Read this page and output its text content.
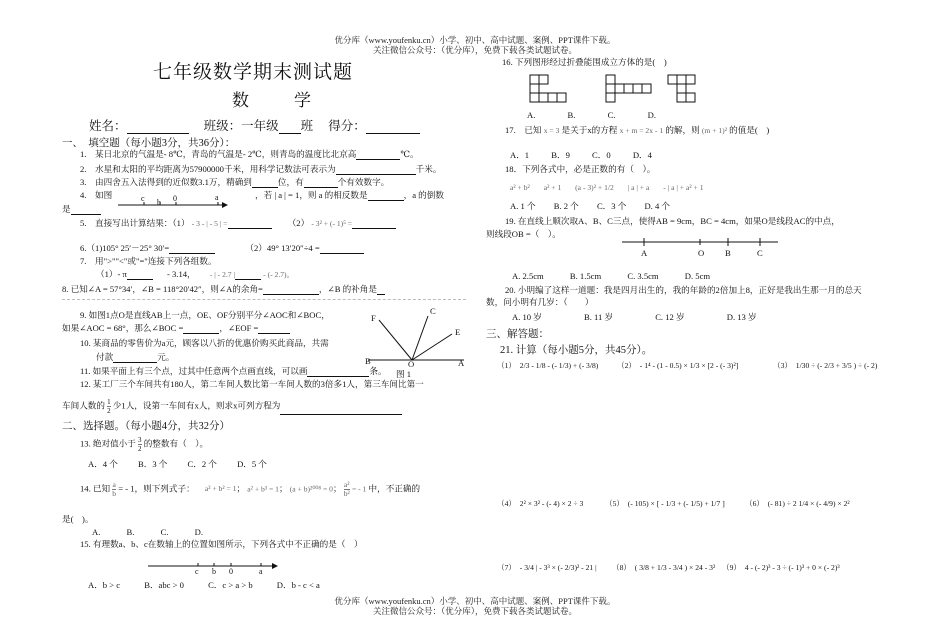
优分库（www.youfenku.cn）小学、初中、高中试题、案例、PPT课件下载。
关注微信公众号：（优分库），免费下载各类试题试卷。
七年级数学期末测试题
数　学
姓名：	班级：一年级 班 得分：
一、　填空题（每小题3分，共36分）：
1.　某日北京的气温是- 8℃，青岛的气温是- 2℃，则青岛的温度比北京高	℃。
2.　水星和太阳的平均距离为57900000千米，用科学记数法可表示为	千米。
3.　由四舍五入法得到的近似数3.1万，精确到	位，有	个有效数字。
4.　如图	c b 0	a	，若 | a | = 1，则 a 的相反数是	，a 的倒数
是
5.　直接写出计算结果：（1） - 3 - | - 5 | =	（2） - 3² + (- 1)⁵ =
6.（1)105° 25′－25° 30′=	（2）49° 13′20″÷4 =
7.　用">""<"或"="连接下列各组数。
（1）- π	- 3.14， - | - 2.7 |	- (- 2.7)。
8. 已知∠A = 57°34′，∠B = 118°20′42″，则∠A的余角=	，∠B 的补角是
9. 如图1点O是直线AB上一点，OE、OF分别平分∠AOC和∠BOC，
如果∠AOC = 68°，那么∠BOC =	，∠EOF =
F
C
E
B	O	A
图 1
10. 某商品的零售价为a元，顾客以八折的优惠价购买此商品，共需
付款	元。
11. 如果平面上有三个点，过其中任意两个点画直线，可以画	条。
12. 某工厂三个车间共有180人，第二车间人数比第一车间人数的3倍多1人，第三车间比第一
车间人数的 $\frac{1}{2}$ 少1人，设第一车间有x人，则求x可列方程为
二、选择题。（每小题4分，共32分）
13. 绝对值小于 $\frac{3}{2}$ 的整数有（　）。
A．4 个 B．3 个 C．2 个 D．5 个
14. 已知 $\frac{a}{b}$ = - 1，则下列式子： a² + b² = 1； a² + b³ = 1； (a + b)²⁰⁰⁸ = 0； $\frac{\text{a²}}{\text{b²}}$ = - 1 中，不正确的
是(　)。
A.	B.	C.	D.
15. 有理数a、b、c在数轴上的位置如图所示，下列各式中不正确的是（　）
c b 0	a
A．b > c	B．abc > 0	C．c > a > b	D．b - c < a
16. 下列图形经过折叠能围成立方体的是(　)
A.	B.	C.	D.
17.　已知 x = 3 是关于x的方程 x + m = 2x - 1 的解，则 (m + 1)² 的值是(　)
A．1	B．9	C．0	D．4
18．下列各式中，必是正数的有（　）。
a² + b² a² + 1 (a - 3)² + 1/2 | a | + a - | a | + a² + 1
A. 1 个 B. 2 个 C．3 个 D. 4 个
19. 在直线上顺次取A、B、C三点，使得AB = 9cm，BC = 4cm，如果O是线段AC的中点，
则线段OB =（　）。
A	O B	C
A. 2.5cm	B. 1.5cm	C. 3.5cm	D. 5cm
20. 小明编了这样一道题：我是四月出生的，我的年龄的2倍加上8，正好是我出生那一月的总天
数，问小明有几岁：（　　）
A. 10 岁	B. 11 岁	C. 12 岁	D. 13 岁
三、解答题：
21. 计算（每小题5分，共45分）。
（1）　2/3 - 1/8 - (- 1/3) + (- 3/8) （2）　- 1⁴ - (1 - 0.5) × 1/3 × [2 - (- 3)²]	（3）　1/30 ÷ (- 2/3 + 3/5 ) ÷ (- 2)
（4）　2² × 3² - (- 4) × 2 ÷ 3	（5）　(- 105) × [ - 1/3 + (- 1/5) + 1/7 ]	（6）　(- 81) ÷ 2 1/4 × (- 4/9) × 2²
（7）　- 3/4 | - 3³ × (- 2/3)² - 21 | （8）　( 3/8 + 1/3 - 3/4 ) × 24 - 3² （9）　4 - (- 2)³ - 3 ÷ (- 1)³ + 0 × (- 2)³
优分库（www.youfenku.cn）小学、初中、高中试题、案例、PPT课件下载。
关注微信公众号：（优分库），免费下载各类试题试卷。
